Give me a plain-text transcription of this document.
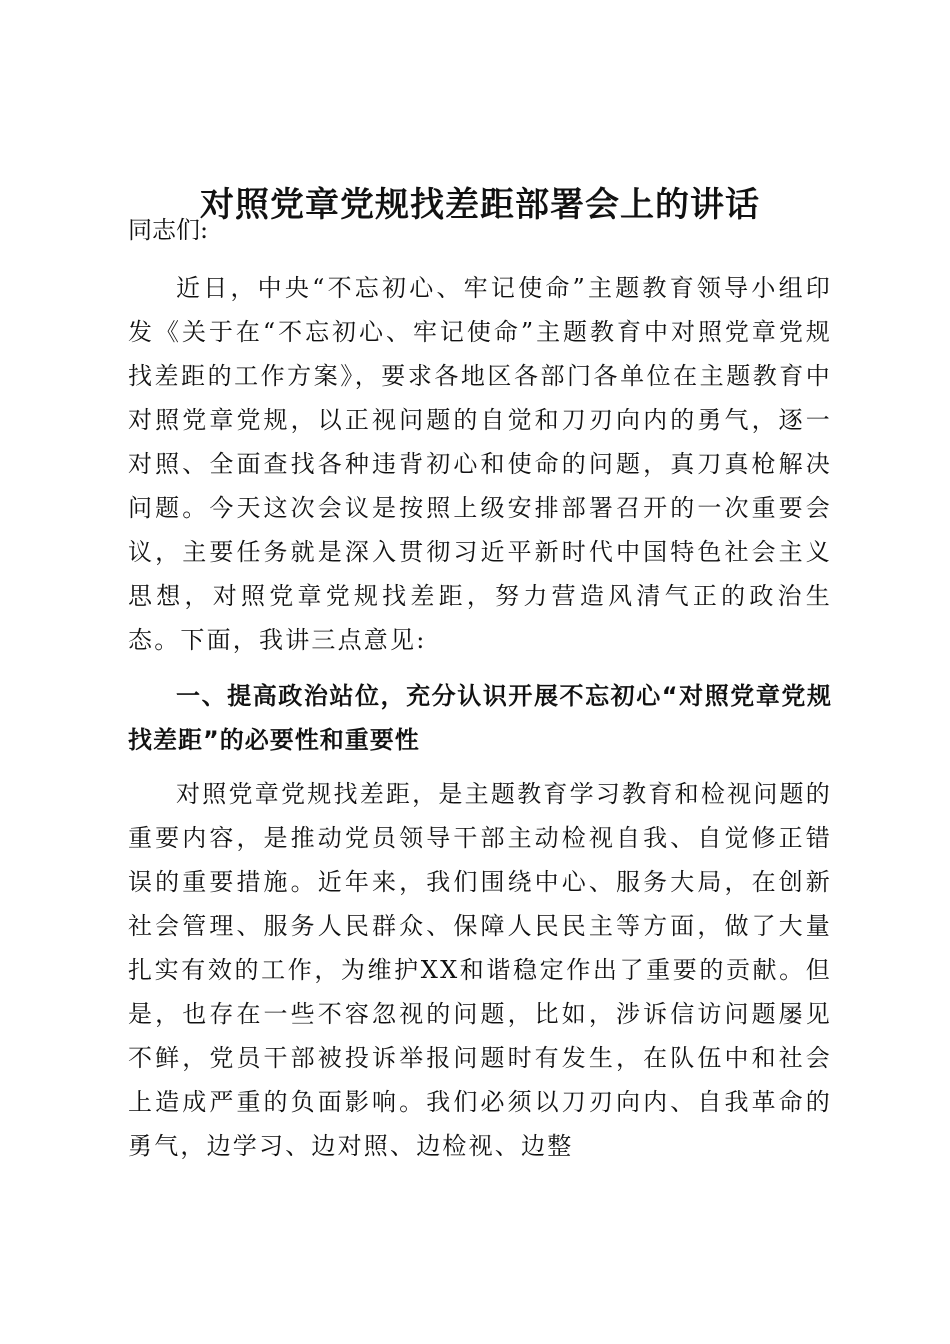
对照党章党规找差距部署会上的讲话

同志们:

近日，中央“不忘初心、牢记使命”主题教育领导小组印发《关于在“不忘初心、牢记使命”主题教育中对照党章党规找差距的工作方案》，要求各地区各部门各单位在主题教育中对照党章党规，以正视问题的自觉和刀刃向内的勇气，逐一对照、全面查找各种违背初心和使命的问题，真刀真枪解决问题。今天这次会议是按照上级安排部署召开的一次重要会议，主要任务就是深入贯彻习近平新时代中国特色社会主义思想，对照党章党规找差距，努力营造风清气正的政治生态。下面，我讲三点意见:

一、提高政治站位，充分认识开展不忘初心“对照党章党规找差距”的必要性和重要性

对照党章党规找差距，是主题教育学习教育和检视问题的重要内容，是推动党员领导干部主动检视自我、自觉修正错误的重要措施。近年来，我们围绕中心、服务大局，在创新社会管理、服务人民群众、保障人民民主等方面，做了大量扎实有效的工作，为维护XX和谐稳定作出了重要的贡献。但是，也存在一些不容忽视的问题，比如，涉诉信访问题屡见不鲜，党员干部被投诉举报问题时有发生，在队伍中和社会上造成严重的负面影响。我们必须以刀刃向内、自我革命的勇气，边学习、边对照、边检视、边整
